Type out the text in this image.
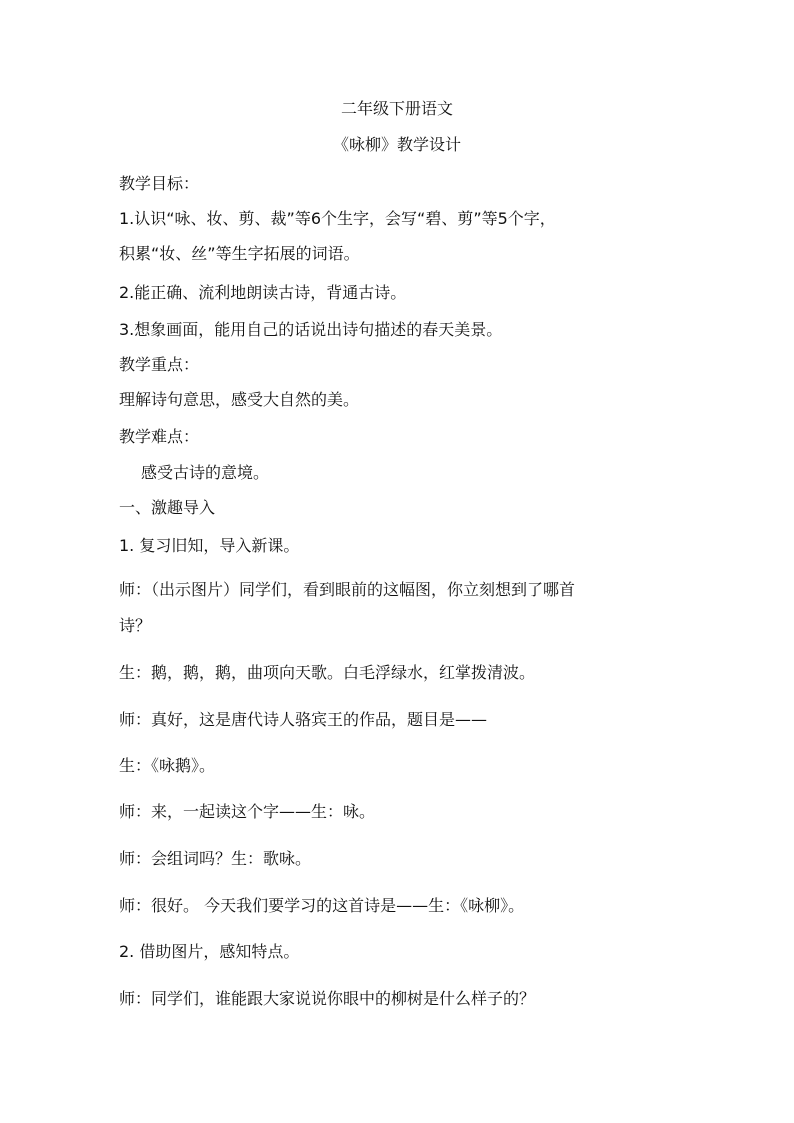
二年级下册语文
《咏柳》教学设计
教学目标：
1.认识“咏、妆、剪、裁”等6个生字，会写“碧、剪”等5个字，
积累“妆、丝”等生字拓展的词语。
2.能正确、流利地朗读古诗，背通古诗。
3.想象画面，能用自己的话说出诗句描述的春天美景。
教学重点：
理解诗句意思，感受大自然的美。
教学难点：
感受古诗的意境。
一、激趣导入
1. 复习旧知，导入新课。
师：（出示图片）同学们，看到眼前的这幅图，你立刻想到了哪首
诗？
生：鹅，鹅，鹅，曲项向天歌。白毛浮绿水，红掌拨清波。
师：真好，这是唐代诗人骆宾王的作品，题目是——
生：《咏鹅》。
师：来，一起读这个字——生：咏。
师：会组词吗？生：歌咏。
师：很好。 今天我们要学习的这首诗是——生：《咏柳》。
2. 借助图片，感知特点。
师：同学们，谁能跟大家说说你眼中的柳树是什么样子的？
